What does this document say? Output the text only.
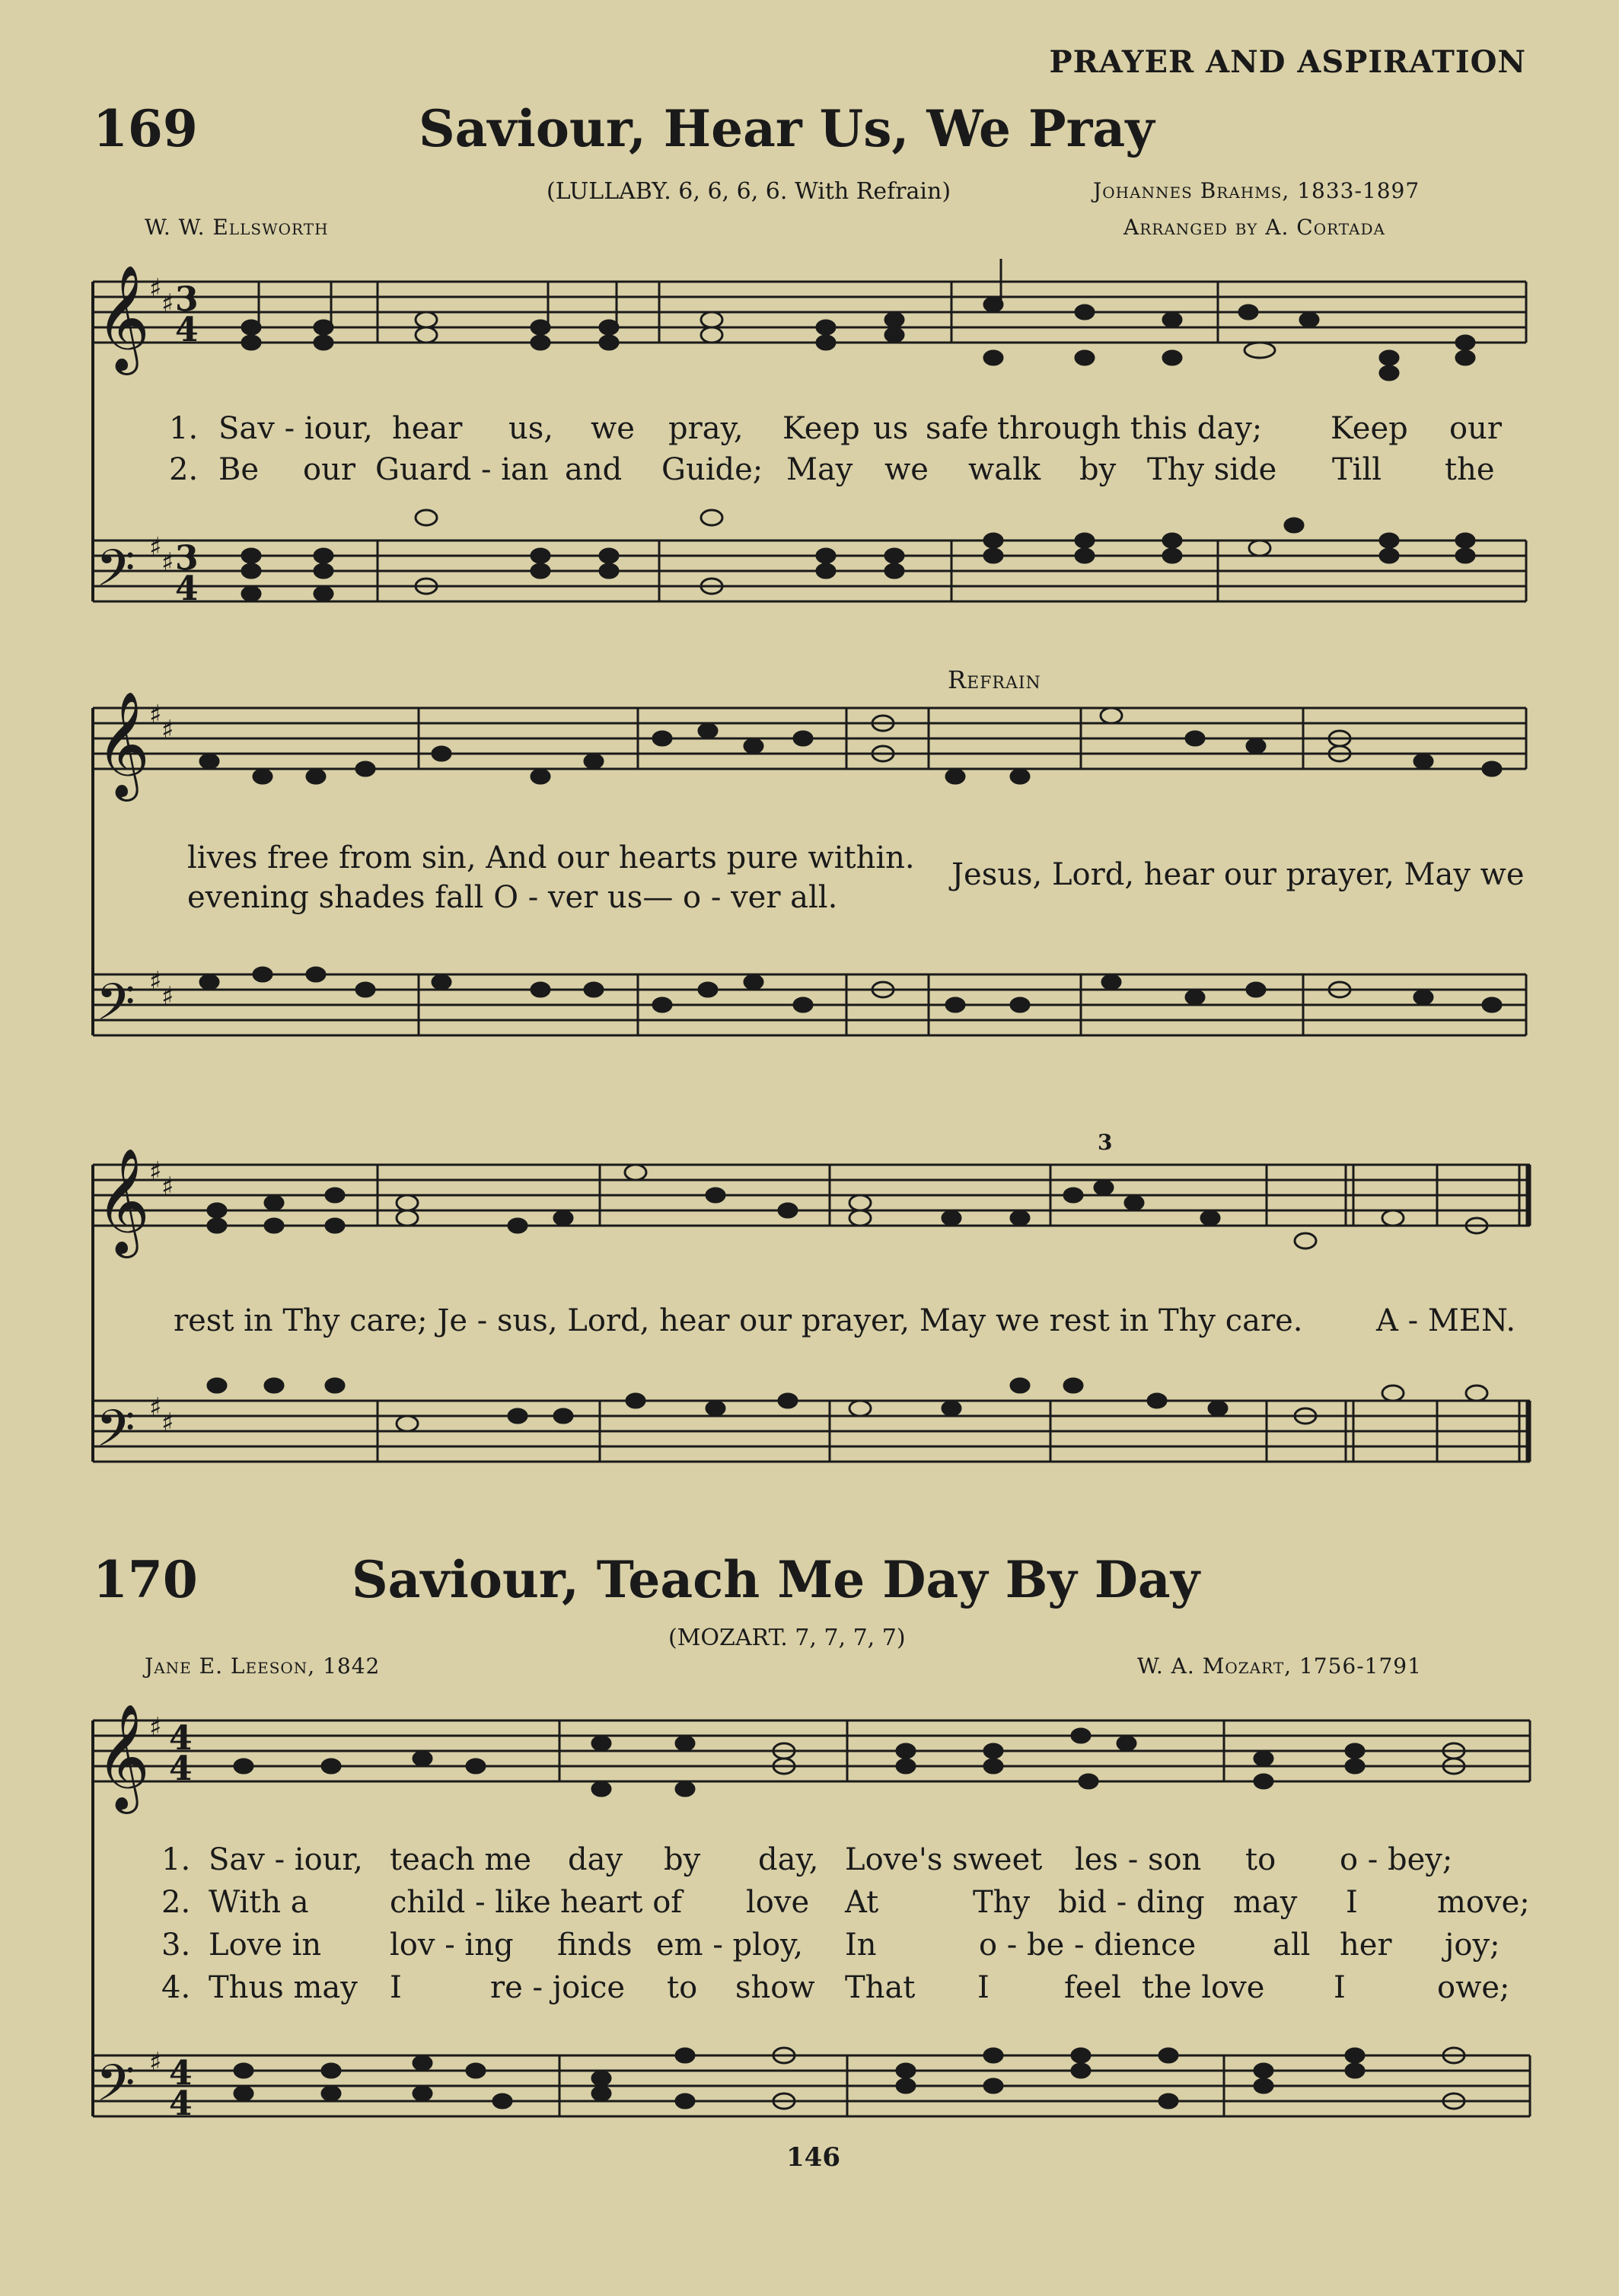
PRAYER AND ASPIRATION
169	Saviour, Hear Us, We Pray
(LULLABY. 6, 6, 6, 6. With Refrain)	Johannes Brahms, 1833-1897
W. W. Ellsworth	Arranged by A. Cortada
𝄞
𝄢
3
4
3
4
♯ ♯
♯ ♯
1. Sav - iour, hear us, we pray, Keep us safe through this day; Keep our
2. Be our Guard - ian and Guide; May we walk by Thy side Till the
Refrain
𝄞
𝄢
♯ ♯
♯ ♯
lives free from sin, And our hearts pure within.
evening shades fall O - ver us— o - ver all.
Jesus, Lord, hear our prayer, May we
𝄞
𝄢
♯ ♯
♯ ♯
3
rest in Thy care; Je - sus, Lord, hear our prayer, May we rest in Thy care. A - MEN.
170	Saviour, Teach Me Day By Day
(MOZART. 7, 7, 7, 7)
Jane E. Leeson, 1842	W. A. Mozart, 1756-1791
𝄞
𝄢
♯
♯
4
4
4
4
1. Sav - iour, teach me day by day, Love's sweet les - son to o - bey;
2. With a	child - like heart of love At	Thy bid - ding may I	move;
3. Love in lov - ing finds em - ploy, In	o - be - dience	all her joy;
4. Thus may I	re - joice to show That I feel the love I	owe;
146
